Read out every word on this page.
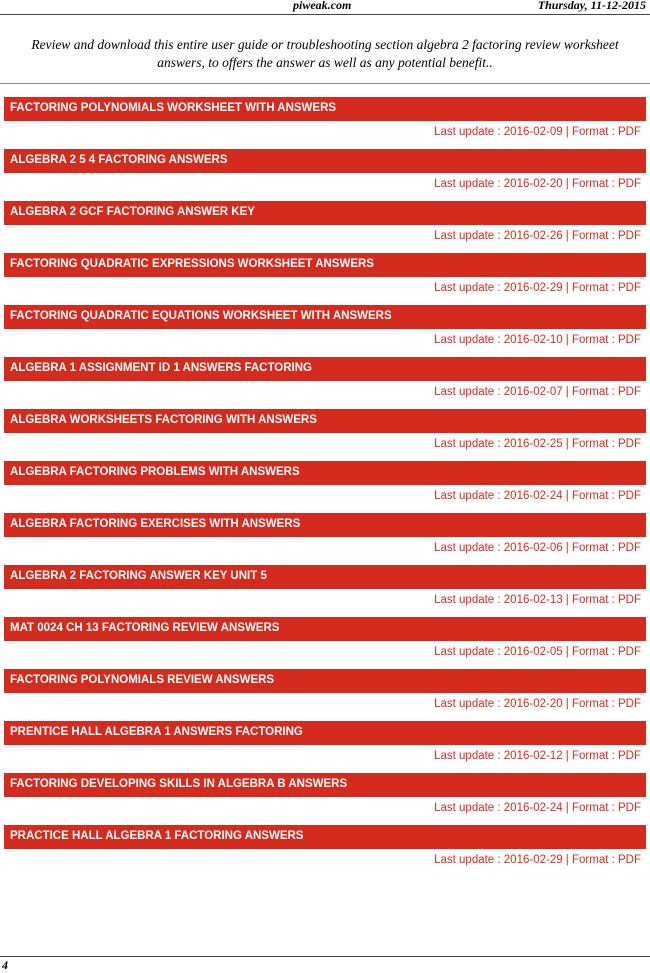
piweak.com	Thursday, 11-12-2015
Review and download this entire user guide or troubleshooting section algebra 2 factoring review worksheet answers, to offers the answer as well as any potential benefit..
FACTORING POLYNOMIALS WORKSHEET WITH ANSWERS
Last update : 2016-02-09 | Format : PDF
ALGEBRA 2 5 4 FACTORING ANSWERS
Last update : 2016-02-20 | Format : PDF
ALGEBRA 2 GCF FACTORING ANSWER KEY
Last update : 2016-02-26 | Format : PDF
FACTORING QUADRATIC EXPRESSIONS WORKSHEET ANSWERS
Last update : 2016-02-29 | Format : PDF
FACTORING QUADRATIC EQUATIONS WORKSHEET WITH ANSWERS
Last update : 2016-02-10 | Format : PDF
ALGEBRA 1 ASSIGNMENT ID 1 ANSWERS FACTORING
Last update : 2016-02-07 | Format : PDF
ALGEBRA WORKSHEETS FACTORING WITH ANSWERS
Last update : 2016-02-25 | Format : PDF
ALGEBRA FACTORING PROBLEMS WITH ANSWERS
Last update : 2016-02-24 | Format : PDF
ALGEBRA FACTORING EXERCISES WITH ANSWERS
Last update : 2016-02-06 | Format : PDF
ALGEBRA 2 FACTORING ANSWER KEY UNIT 5
Last update : 2016-02-13 | Format : PDF
MAT 0024 CH 13 FACTORING REVIEW ANSWERS
Last update : 2016-02-05 | Format : PDF
FACTORING POLYNOMIALS REVIEW ANSWERS
Last update : 2016-02-20 | Format : PDF
PRENTICE HALL ALGEBRA 1 ANSWERS FACTORING
Last update : 2016-02-12 | Format : PDF
FACTORING DEVELOPING SKILLS IN ALGEBRA B ANSWERS
Last update : 2016-02-24 | Format : PDF
PRACTICE HALL ALGEBRA 1 FACTORING ANSWERS
Last update : 2016-02-29 | Format : PDF
4
